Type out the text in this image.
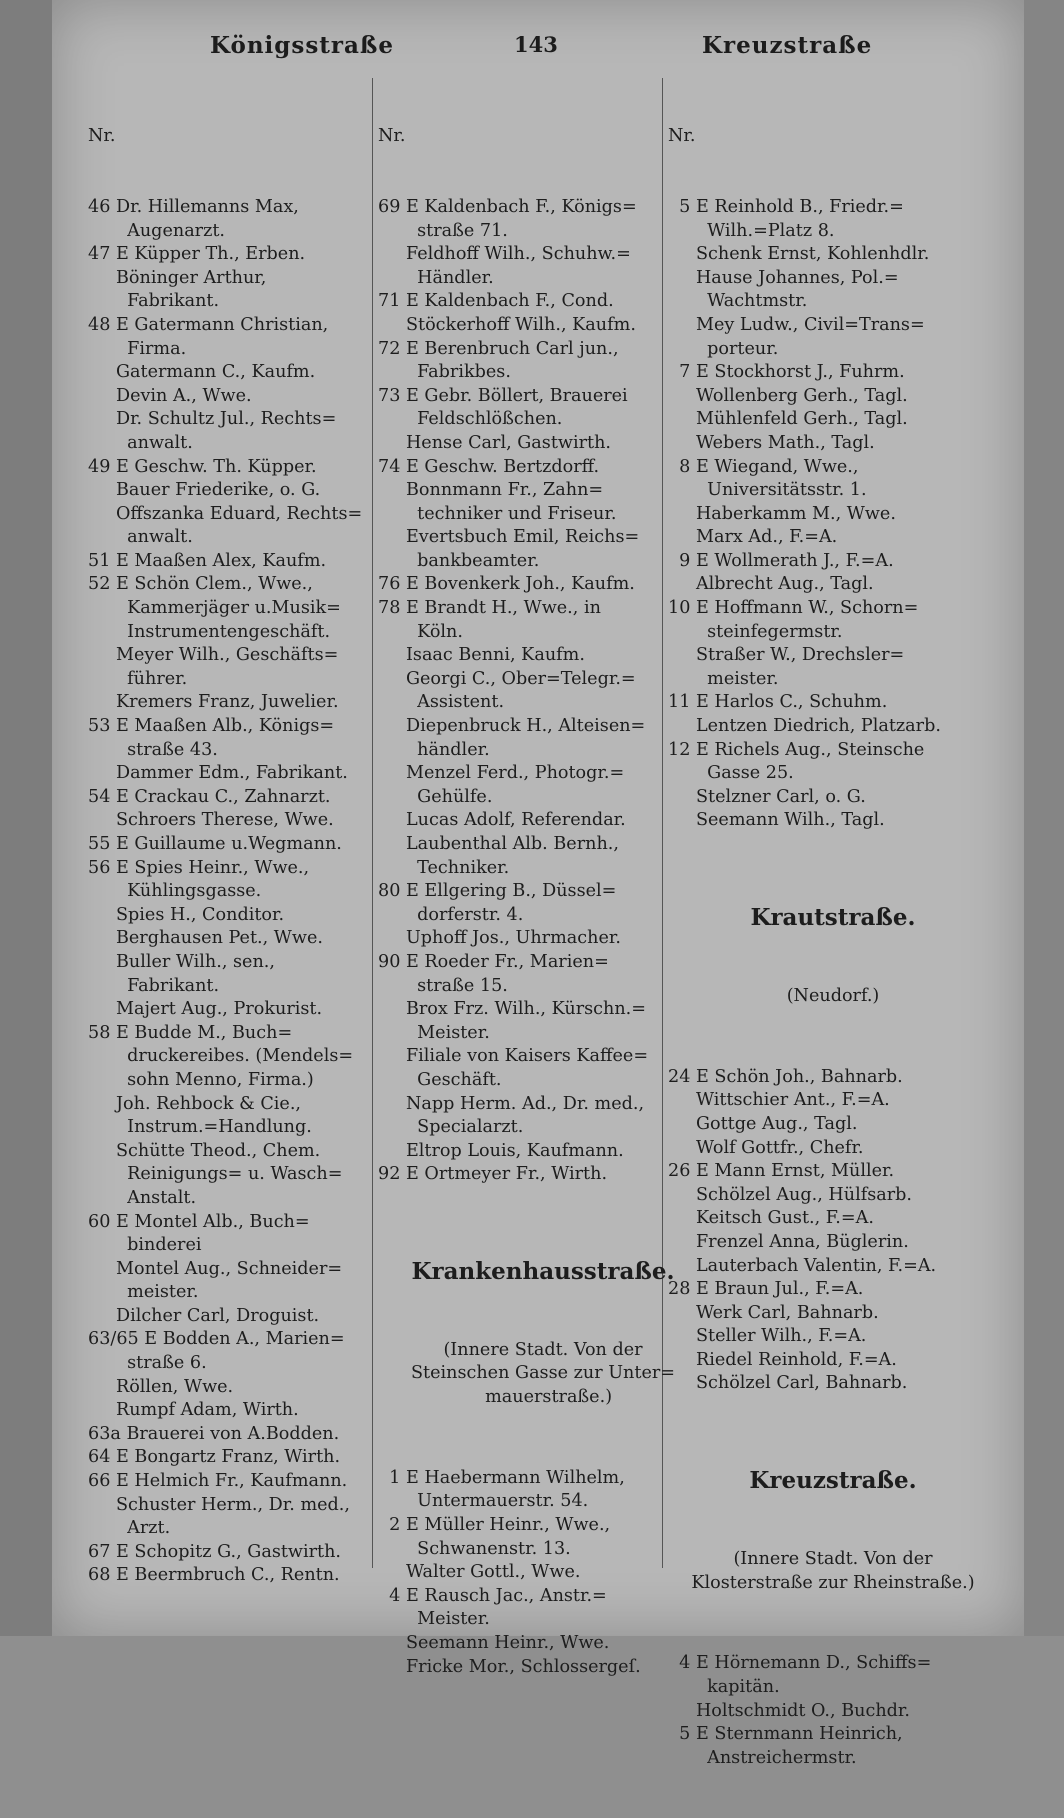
Königsstraße	143	Kreuzstraße

Nr.

46 Dr. Hillemanns Max,
Augenarzt.
47 E Küpper Th., Erben.
Böninger Arthur,
Fabrikant.
48 E Gatermann Christian,
Firma.
Gatermann C., Kaufm.
Devin A., Wwe.
Dr. Schultz Jul., Rechts=
anwalt.
49 E Geschw. Th. Küpper.
Bauer Friederike, o. G.
Offszanka Eduard, Rechts=
anwalt.
51 E Maaßen Alex, Kaufm.
52 E Schön Clem., Wwe.,
Kammerjäger u.Musik=
Instrumentengeschäft.
Meyer Wilh., Geschäfts=
führer.
Kremers Franz, Juwelier.
53 E Maaßen Alb., Königs=
straße 43.
Dammer Edm., Fabrikant.
54 E Crackau C., Zahnarzt.
Schroers Therese, Wwe.
55 E Guillaume u.Wegmann.
56 E Spies Heinr., Wwe.,
Kühlingsgasse.
Spies H., Conditor.
Berghausen Pet., Wwe.
Buller Wilh., sen.,
Fabrikant.
Majert Aug., Prokurist.
58 E Budde M., Buch=
druckereibes. (Mendels=
sohn Menno, Firma.)
Joh. Rehbock & Cie.,
Instrum.=Handlung.
Schütte Theod., Chem.
Reinigungs= u. Wasch=
Anstalt.
60 E Montel Alb., Buch=
binderei
Montel Aug., Schneider=
meister.
Dilcher Carl, Droguist.
63/65 E Bodden A., Marien=
straße 6.
Röllen, Wwe.
Rumpf Adam, Wirth.
63a Brauerei von A.Bodden.
64 E Bongartz Franz, Wirth.
66 E Helmich Fr., Kaufmann.
Schuster Herm., Dr. med.,
Arzt.
67 E Schopitz G., Gastwirth.
68 E Beermbruch C., Rentn.

Nr.

69 E Kaldenbach F., Königs=
straße 71.
Feldhoff Wilh., Schuhw.=
Händler.
71 E Kaldenbach F., Cond.
Stöckerhoff Wilh., Kaufm.
72 E Berenbruch Carl jun.,
Fabrikbes.
73 E Gebr. Böllert, Brauerei
Feldschlößchen.
Hense Carl, Gastwirth.
74 E Geschw. Bertzdorff.
Bonnmann Fr., Zahn=
techniker und Friseur.
Evertsbuch Emil, Reichs=
bankbeamter.
76 E Bovenkerk Joh., Kaufm.
78 E Brandt H., Wwe., in
Köln.
Isaac Benni, Kaufm.
Georgi C., Ober=Telegr.=
Assistent.
Diepenbruck H., Alteisen=
händler.
Menzel Ferd., Photogr.=
Gehülfe.
Lucas Adolf, Referendar.
Laubenthal Alb. Bernh.,
Techniker.
80 E Ellgering B., Düssel=
dorferstr. 4.
Uphoff Jos., Uhrmacher.
90 E Roeder Fr., Marien=
straße 15.
Brox Frz. Wilh., Kürschn.=
Meister.
Filiale von Kaisers Kaffee=
Geschäft.
Napp Herm. Ad., Dr. med.,
Specialarzt.
Eltrop Louis, Kaufmann.
92 E Ortmeyer Fr., Wirth.

Krankenhausstraße.

(Innere Stadt. Von der
Steinschen Gasse zur Unter=
mauerstraße.)

1 E Haebermann Wilhelm,
Untermauerstr. 54.
2 E Müller Heinr., Wwe.,
Schwanenstr. 13.
Walter Gottl., Wwe.
4 E Rausch Jac., Anstr.=
Meister.
Seemann Heinr., Wwe.
Fricke Mor., Schlossergeſ.

Nr.

5 E Reinhold B., Friedr.=
Wilh.=Platz 8.
Schenk Ernst, Kohlenhdlr.
Hause Johannes, Pol.=
Wachtmstr.
Mey Ludw., Civil=Trans=
porteur.
7 E Stockhorst J., Fuhrm.
Wollenberg Gerh., Tagl.
Mühlenfeld Gerh., Tagl.
Webers Math., Tagl.
8 E Wiegand, Wwe.,
Universitätsstr. 1.
Haberkamm M., Wwe.
Marx Ad., F.=A.
9 E Wollmerath J., F.=A.
Albrecht Aug., Tagl.
10 E Hoffmann W., Schorn=
steinfegermstr.
Straßer W., Drechsler=
meister.
11 E Harlos C., Schuhm.
Lentzen Diedrich, Platzarb.
12 E Richels Aug., Steinsche
Gasse 25.
Stelzner Carl, o. G.
Seemann Wilh., Tagl.

Krautstraße.

(Neudorf.)

24 E Schön Joh., Bahnarb.
Wittschier Ant., F.=A.
Gottge Aug., Tagl.
Wolf Gottfr., Chefr.
26 E Mann Ernst, Müller.
Schölzel Aug., Hülfsarb.
Keitsch Gust., F.=A.
Frenzel Anna, Büglerin.
Lauterbach Valentin, F.=A.
28 E Braun Jul., F.=A.
Werk Carl, Bahnarb.
Steller Wilh., F.=A.
Riedel Reinhold, F.=A.
Schölzel Carl, Bahnarb.

Kreuzstraße.

(Innere Stadt. Von der
Klosterstraße zur Rheinstraße.)

4 E Hörnemann D., Schiffs=
kapitän.
Holtschmidt O., Buchdr.
5 E Sternmann Heinrich,
Anstreichermstr.
